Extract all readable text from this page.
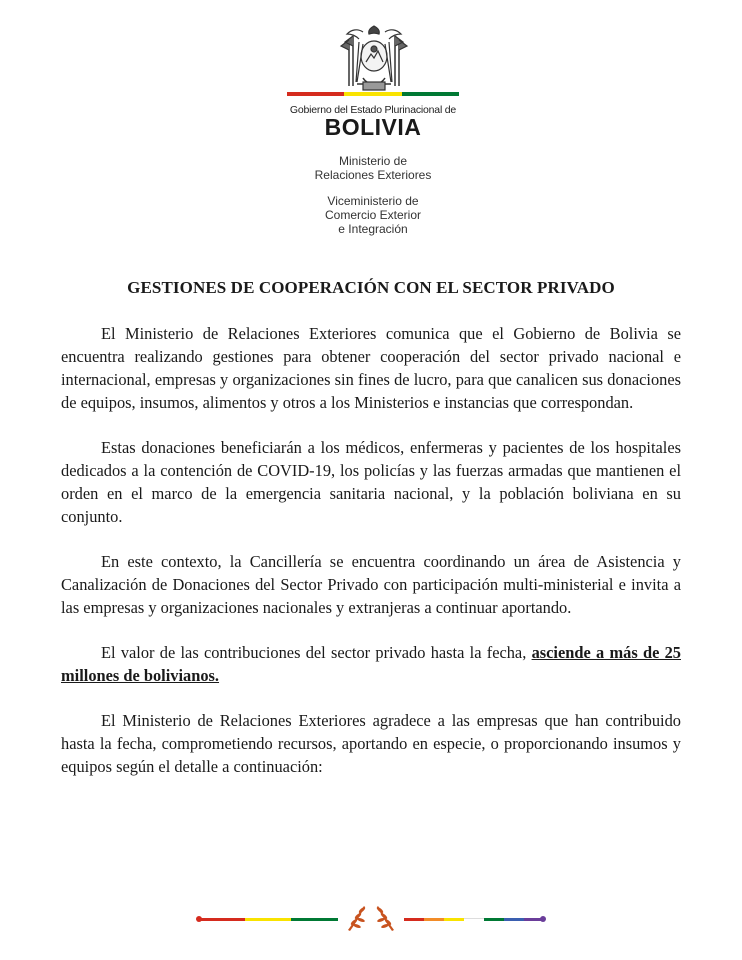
Gobierno del Estado Plurinacional de
BOLIVIA
Ministerio de
Relaciones Exteriores
Viceministerio de
Comercio Exterior
e Integración
GESTIONES DE COOPERACIÓN CON EL SECTOR PRIVADO

El Ministerio de Relaciones Exteriores comunica que el Gobierno de Bolivia se encuentra realizando gestiones para obtener cooperación del sector privado nacional e internacional, empresas y organizaciones sin fines de lucro, para que canalicen sus donaciones de equipos, insumos, alimentos y otros a los Ministerios e instancias que correspondan.

Estas donaciones beneficiarán a los médicos, enfermeras y pacientes de los hospitales dedicados a la contención de COVID-19, los policías y las fuerzas armadas que mantienen el orden en el marco de la emergencia sanitaria nacional, y la población boliviana en su conjunto.

En este contexto, la Cancillería se encuentra coordinando un área de Asistencia y Canalización de Donaciones del Sector Privado con participación multi-ministerial e invita a las empresas y organizaciones nacionales y extranjeras a continuar aportando.

El valor de las contribuciones del sector privado hasta la fecha, asciende a más de 25 millones de bolivianos.

El Ministerio de Relaciones Exteriores agradece a las empresas que han contribuido hasta la fecha, comprometiendo recursos, aportando en especie, o proporcionando insumos y equipos según el detalle a continuación:
